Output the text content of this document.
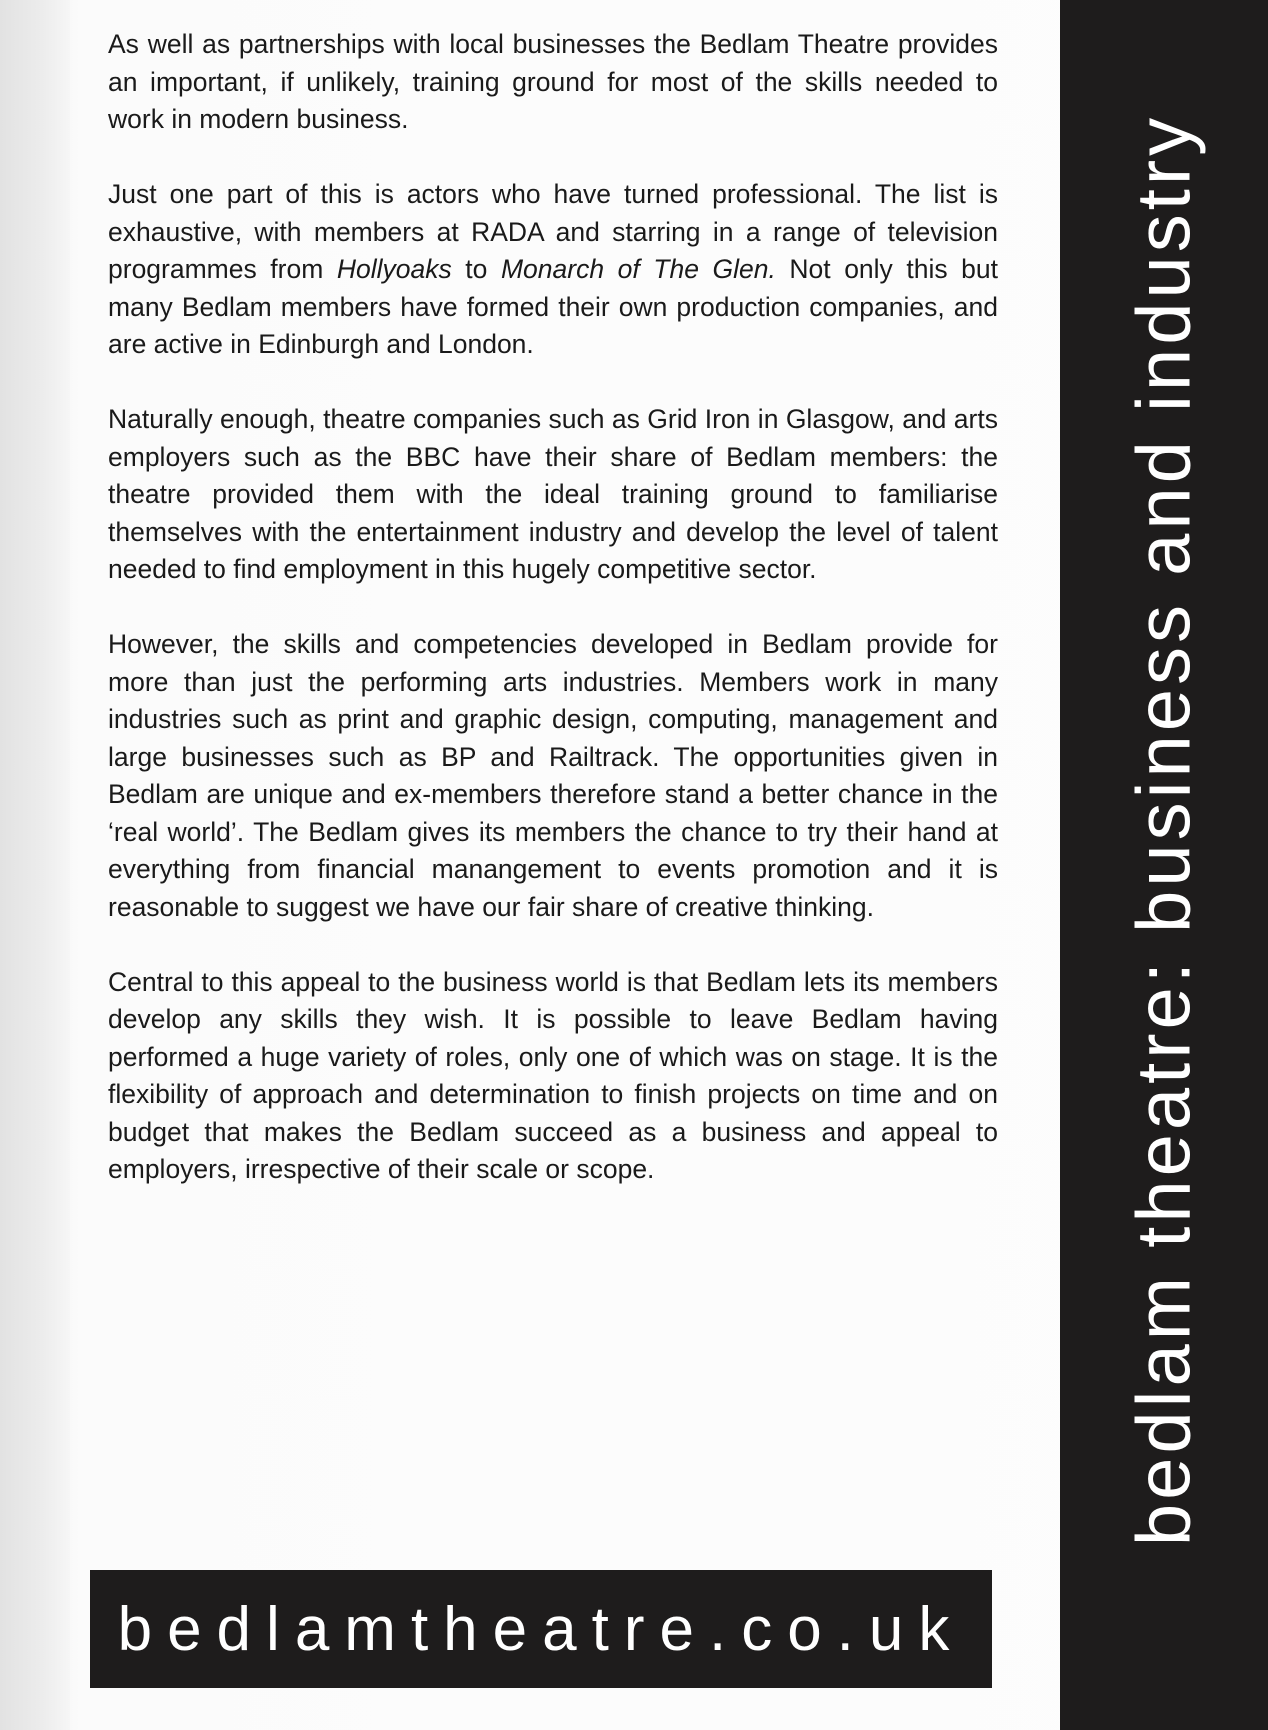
As well as partnerships with local businesses the Bedlam Theatre provides an important, if unlikely, training ground for most of the skills needed to work in modern business.

Just one part of this is actors who have turned professional. The list is exhaustive, with members at RADA and starring in a range of television programmes from Hollyoaks to Monarch of The Glen. Not only this but many Bedlam members have formed their own production companies, and are active in Edinburgh and London.

Naturally enough, theatre companies such as Grid Iron in Glasgow, and arts employers such as the BBC have their share of Bedlam members: the theatre provided them with the ideal training ground to familiarise themselves with the entertainment industry and develop the level of talent needed to find employment in this hugely competitive sector.

However, the skills and competencies developed in Bedlam provide for more than just the performing arts industries. Members work in many industries such as print and graphic design, computing, management and large businesses such as BP and Railtrack. The opportunities given in Bedlam are unique and ex-members therefore stand a better chance in the ‘real world’. The Bedlam gives its members the chance to try their hand at everything from financial manangement to events promotion and it is reasonable to suggest we have our fair share of creative thinking.

Central to this appeal to the business world is that Bedlam lets its members develop any skills they wish. It is possible to leave Bedlam having performed a huge variety of roles, only one of which was on stage. It is the flexibility of approach and determination to finish projects on time and on budget that makes the Bedlam succeed as a business and appeal to employers, irrespective of their scale or scope.

bedlamtheatre.co.uk
bedlam theatre: business and industry
